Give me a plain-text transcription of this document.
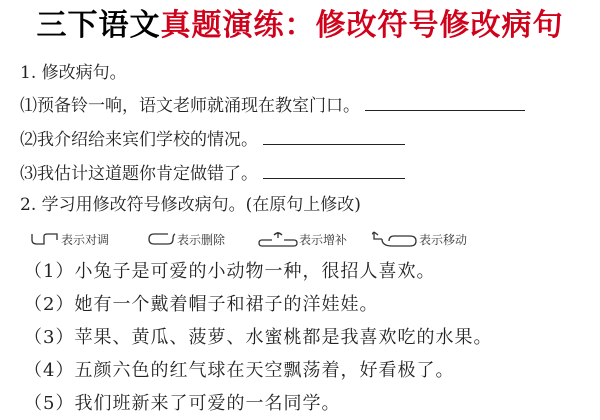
三下语文真题演练：修改符号修改病句
1. 修改病句。
⑴预备铃一响，语文老师就涌现在教室门口。
⑵我介绍给来宾们学校的情况。
⑶我估计这道题你肯定做错了。
2. 学习用修改符号修改病句。(在原句上修改)
表示对调	表示删除	表示增补	表示移动
（1）小兔子是可爱的小动物一种，很招人喜欢。
（2）她有一个戴着帽子和裙子的洋娃娃。
（3）苹果、黄瓜、菠萝、水蜜桃都是我喜欢吃的水果。
（4）五颜六色的红气球在天空飘荡着，好看极了。
（5）我们班新来了可爱的一名同学。
